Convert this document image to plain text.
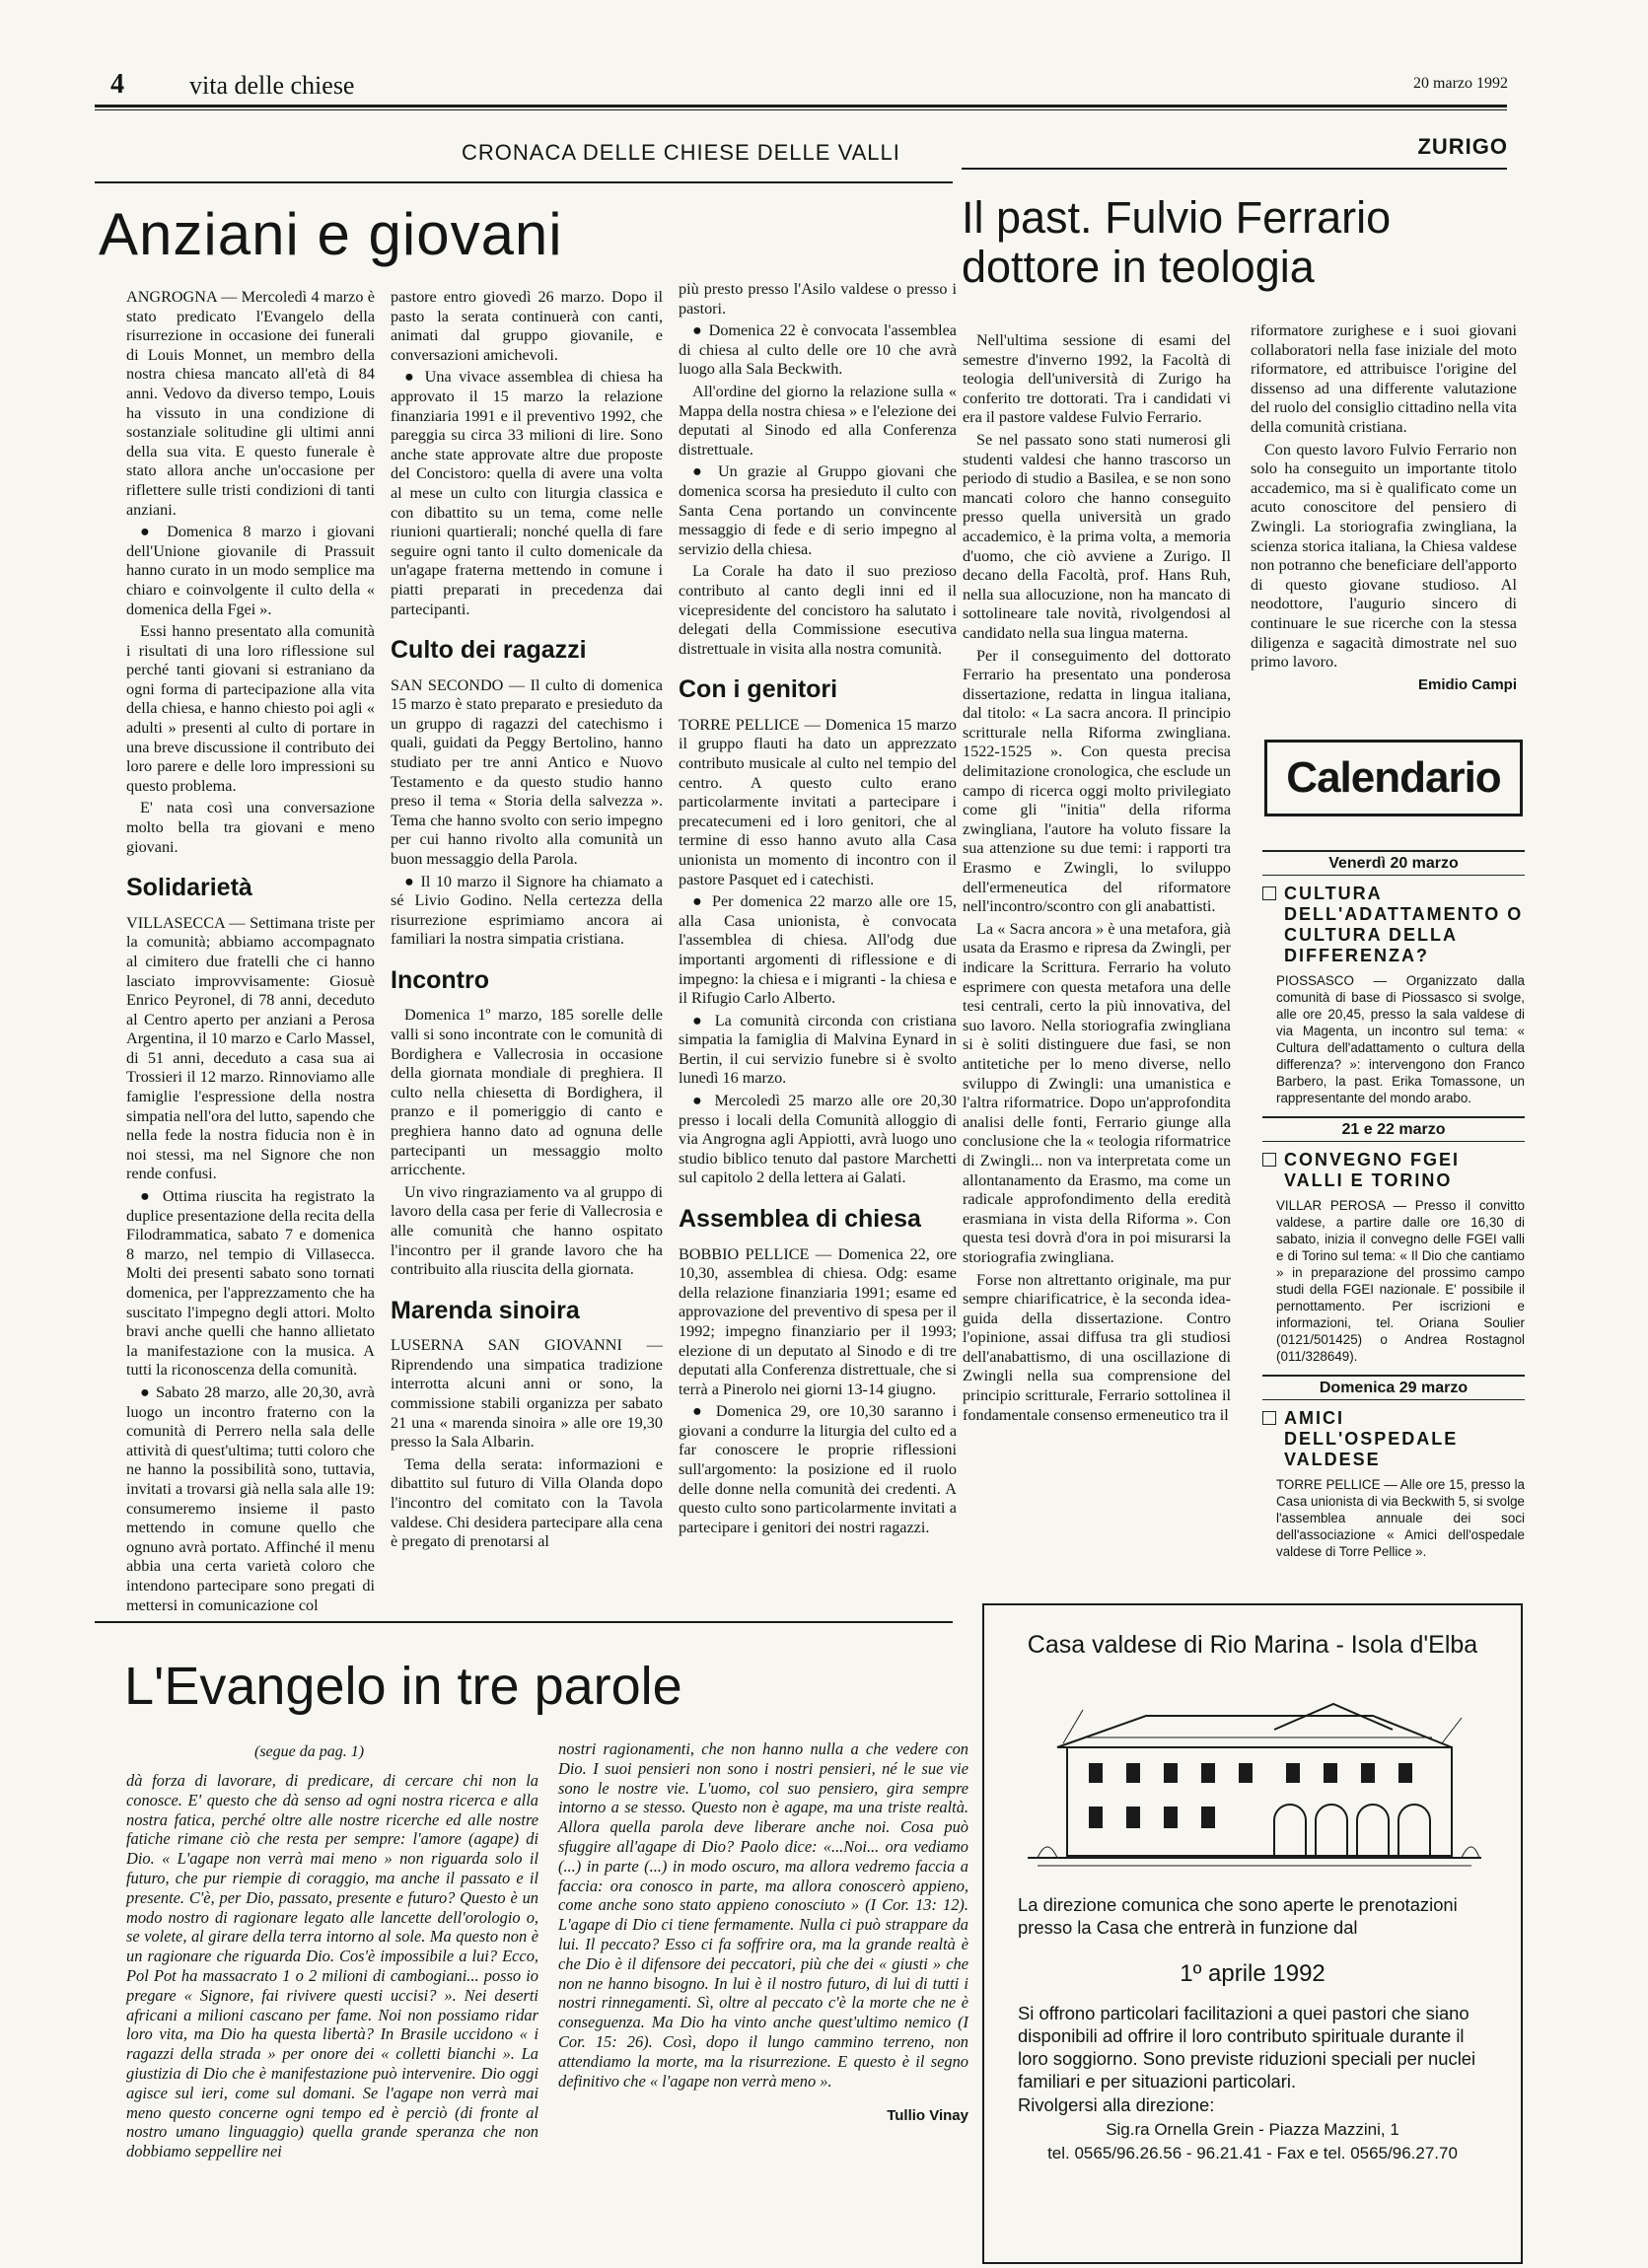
4	vita delle chiese	20 marzo 1992
CRONACA DELLE CHIESE DELLE VALLI	ZURIGO
Anziani e giovani

ANGROGNA — Mercoledì 4 marzo è stato predicato l'Evangelo della risurrezione in occasione dei funerali di Louis Monnet, un membro della nostra chiesa mancato all'età di 84 anni. Vedovo da diverso tempo, Louis ha vissuto in una condizione di sostanziale solitudine gli ultimi anni della sua vita. E questo funerale è stato allora anche un'occasione per riflettere sulle tristi condizioni di tanti anziani.

● Domenica 8 marzo i giovani dell'Unione giovanile di Prassuit hanno curato in un modo semplice ma chiaro e coinvolgente il culto della « domenica della Fgei ».

Essi hanno presentato alla comunità i risultati di una loro riflessione sul perché tanti giovani si estraniano da ogni forma di partecipazione alla vita della chiesa, e hanno chiesto poi agli « adulti » presenti al culto di portare in una breve discussione il contributo dei loro parere e delle loro impressioni su questo problema.

E' nata così una conversazione molto bella tra giovani e meno giovani.

Solidarietà

VILLASECCA — Settimana triste per la comunità; abbiamo accompagnato al cimitero due fratelli che ci hanno lasciato improvvisamente: Giosuè Enrico Peyronel, di 78 anni, deceduto al Centro aperto per anziani a Perosa Argentina, il 10 marzo e Carlo Massel, di 51 anni, deceduto a casa sua ai Trossieri il 12 marzo. Rinnoviamo alle famiglie l'espressione della nostra simpatia nell'ora del lutto, sapendo che nella fede la nostra fiducia non è in noi stessi, ma nel Signore che non rende confusi.

● Ottima riuscita ha registrato la duplice presentazione della recita della Filodrammatica, sabato 7 e domenica 8 marzo, nel tempio di Villasecca. Molti dei presenti sabato sono tornati domenica, per l'apprezzamento che ha suscitato l'impegno degli attori. Molto bravi anche quelli che hanno allietato la manifestazione con la musica. A tutti la riconoscenza della comunità.

● Sabato 28 marzo, alle 20,30, avrà luogo un incontro fraterno con la comunità di Perrero nella sala delle attività di quest'ultima; tutti coloro che ne hanno la possibilità sono, tuttavia, invitati a trovarsi già nella sala alle 19: consumeremo insieme il pasto mettendo in comune quello che ognuno avrà portato. Affinché il menu abbia una certa varietà coloro che intendono partecipare sono pregati di mettersi in comunicazione col

pastore entro giovedì 26 marzo. Dopo il pasto la serata continuerà con canti, animati dal gruppo giovanile, e conversazioni amichevoli.

● Una vivace assemblea di chiesa ha approvato il 15 marzo la relazione finanziaria 1991 e il preventivo 1992, che pareggia su circa 33 milioni di lire. Sono anche state approvate altre due proposte del Concistoro: quella di avere una volta al mese un culto con liturgia classica e con dibattito su un tema, come nelle riunioni quartierali; nonché quella di fare seguire ogni tanto il culto domenicale da un'agape fraterna mettendo in comune i piatti preparati in precedenza dai partecipanti.

Culto dei ragazzi

SAN SECONDO — Il culto di domenica 15 marzo è stato preparato e presieduto da un gruppo di ragazzi del catechismo i quali, guidati da Peggy Bertolino, hanno studiato per tre anni Antico e Nuovo Testamento e da questo studio hanno preso il tema « Storia della salvezza ». Tema che hanno svolto con serio impegno per cui hanno rivolto alla comunità un buon messaggio della Parola.

● Il 10 marzo il Signore ha chiamato a sé Livio Godino. Nella certezza della risurrezione esprimiamo ancora ai familiari la nostra simpatia cristiana.

Incontro

Domenica 1º marzo, 185 sorelle delle valli si sono incontrate con le comunità di Bordighera e Vallecrosia in occasione della giornata mondiale di preghiera. Il culto nella chiesetta di Bordighera, il pranzo e il pomeriggio di canto e preghiera hanno dato ad ognuna delle partecipanti un messaggio molto arricchente.

Un vivo ringraziamento va al gruppo di lavoro della casa per ferie di Vallecrosia e alle comunità che hanno ospitato l'incontro per il grande lavoro che ha contribuito alla riuscita della giornata.

Marenda sinoira

LUSERNA SAN GIOVANNI — Riprendendo una simpatica tradizione interrotta alcuni anni or sono, la commissione stabili organizza per sabato 21 una « marenda sinoira » alle ore 19,30 presso la Sala Albarin.

Tema della serata: informazioni e dibattito sul futuro di Villa Olanda dopo l'incontro del comitato con la Tavola valdese. Chi desidera partecipare alla cena è pregato di prenotarsi al

più presto presso l'Asilo valdese o presso i pastori.

● Domenica 22 è convocata l'assemblea di chiesa al culto delle ore 10 che avrà luogo alla Sala Beckwith.

All'ordine del giorno la relazione sulla « Mappa della nostra chiesa » e l'elezione dei deputati al Sinodo ed alla Conferenza distrettuale.

● Un grazie al Gruppo giovani che domenica scorsa ha presieduto il culto con Santa Cena portando un convincente messaggio di fede e di serio impegno al servizio della chiesa.

La Corale ha dato il suo prezioso contributo al canto degli inni ed il vicepresidente del concistoro ha salutato i delegati della Commissione esecutiva distrettuale in visita alla nostra comunità.

Con i genitori

TORRE PELLICE — Domenica 15 marzo il gruppo flauti ha dato un apprezzato contributo musicale al culto nel tempio del centro. A questo culto erano particolarmente invitati a partecipare i precatecumeni ed i loro genitori, che al termine di esso hanno avuto alla Casa unionista un momento di incontro con il pastore Pasquet ed i catechisti.

● Per domenica 22 marzo alle ore 15, alla Casa unionista, è convocata l'assemblea di chiesa. All'odg due importanti argomenti di riflessione e di impegno: la chiesa e i migranti - la chiesa e il Rifugio Carlo Alberto.

● La comunità circonda con cristiana simpatia la famiglia di Malvina Eynard in Bertin, il cui servizio funebre si è svolto lunedì 16 marzo.

● Mercoledì 25 marzo alle ore 20,30 presso i locali della Comunità alloggio di via Angrogna agli Appiotti, avrà luogo uno studio biblico tenuto dal pastore Marchetti sul capitolo 2 della lettera ai Galati.

Assemblea di chiesa

BOBBIO PELLICE — Domenica 22, ore 10,30, assemblea di chiesa. Odg: esame della relazione finanziaria 1991; esame ed approvazione del preventivo di spesa per il 1992; impegno finanziario per il 1993; elezione di un deputato al Sinodo e di tre deputati alla Conferenza distrettuale, che si terrà a Pinerolo nei giorni 13-14 giugno.

● Domenica 29, ore 10,30 saranno i giovani a condurre la liturgia del culto ed a far conoscere le proprie riflessioni sull'argomento: la posizione ed il ruolo delle donne nella comunità dei credenti. A questo culto sono particolarmente invitati a partecipare i genitori dei nostri ragazzi.

Il past. Fulvio Ferrario dottore in teologia

Nell'ultima sessione di esami del semestre d'inverno 1992, la Facoltà di teologia dell'università di Zurigo ha conferito tre dottorati. Tra i candidati vi era il pastore valdese Fulvio Ferrario.

Se nel passato sono stati numerosi gli studenti valdesi che hanno trascorso un periodo di studio a Basilea, e se non sono mancati coloro che hanno conseguito presso quella università un grado accademico, è la prima volta, a memoria d'uomo, che ciò avviene a Zurigo. Il decano della Facoltà, prof. Hans Ruh, nella sua allocuzione, non ha mancato di sottolineare tale novità, rivolgendosi al candidato nella sua lingua materna.

Per il conseguimento del dottorato Ferrario ha presentato una ponderosa dissertazione, redatta in lingua italiana, dal titolo: « La sacra ancora. Il principio scritturale nella Riforma zwingliana. 1522-1525 ». Con questa precisa delimitazione cronologica, che esclude un campo di ricerca oggi molto privilegiato come gli "initia" della riforma zwingliana, l'autore ha voluto fissare la sua attenzione su due temi: i rapporti tra Erasmo e Zwingli, lo sviluppo dell'ermeneutica del riformatore nell'incontro/scontro con gli anabattisti.

La « Sacra ancora » è una metafora, già usata da Erasmo e ripresa da Zwingli, per indicare la Scrittura. Ferrario ha voluto esprimere con questa metafora una delle tesi centrali, certo la più innovativa, del suo lavoro. Nella storiografia zwingliana si è soliti distinguere due fasi, se non antitetiche per lo meno diverse, nello sviluppo di Zwingli: una umanistica e l'altra riformatrice. Dopo un'approfondita analisi delle fonti, Ferrario giunge alla conclusione che la « teologia riformatrice di Zwingli... non va interpretata come un allontanamento da Erasmo, ma come un radicale approfondimento della eredità erasmiana in vista della Riforma ». Con questa tesi dovrà d'ora in poi misurarsi la storiografia zwingliana.

Forse non altrettanto originale, ma pur sempre chiarificatrice, è la seconda idea-guida della dissertazione. Contro l'opinione, assai diffusa tra gli studiosi dell'anabattismo, di una oscillazione di Zwingli nella sua comprensione del principio scritturale, Ferrario sottolinea il fondamentale consenso ermeneutico tra il

riformatore zurighese e i suoi giovani collaboratori nella fase iniziale del moto riformatore, ed attribuisce l'origine del dissenso ad una differente valutazione del ruolo del consiglio cittadino nella vita della comunità cristiana.

Con questo lavoro Fulvio Ferrario non solo ha conseguito un importante titolo accademico, ma si è qualificato come un acuto conoscitore del pensiero di Zwingli. La storiografia zwingliana, la scienza storica italiana, la Chiesa valdese non potranno che beneficiare dell'apporto di questo giovane studioso. Al neodottore, l'augurio sincero di continuare le sue ricerche con la stessa diligenza e sagacità dimostrate nel suo primo lavoro.

Emidio Campi
Calendario
Venerdì 20 marzo
CULTURA DELL'ADATTAMENTO O CULTURA DELLA DIFFERENZA?
PIOSSASCO — Organizzato dalla comunità di base di Piossasco si svolge, alle ore 20,45, presso la sala valdese di via Magenta, un incontro sul tema: « Cultura dell'adattamento o cultura della differenza? »: intervengono don Franco Barbero, la past. Erika Tomassone, un rappresentante del mondo arabo.
21 e 22 marzo
CONVEGNO FGEI VALLI E TORINO
VILLAR PEROSA — Presso il convitto valdese, a partire dalle ore 16,30 di sabato, inizia il convegno delle FGEI valli e di Torino sul tema: « Il Dio che cantiamo » in preparazione del prossimo campo studi della FGEI nazionale. E' possibile il pernottamento. Per iscrizioni e informazioni, tel. Oriana Soulier (0121/501425) o Andrea Rostagnol (011/328649).
Domenica 29 marzo
AMICI DELL'OSPEDALE VALDESE
TORRE PELLICE — Alle ore 15, presso la Casa unionista di via Beckwith 5, si svolge l'assemblea annuale dei soci dell'associazione « Amici dell'ospedale valdese di Torre Pellice ».
L'Evangelo in tre parole
(segue da pag. 1)

dà forza di lavorare, di predicare, di cercare chi non la conosce. E' questo che dà senso ad ogni nostra ricerca e alla nostra fatica, perché oltre alle nostre ricerche ed alle nostre fatiche rimane ciò che resta per sempre: l'amore (agape) di Dio. « L'agape non verrà mai meno » non riguarda solo il futuro, che pur riempie di coraggio, ma anche il passato e il presente. C'è, per Dio, passato, presente e futuro? Questo è un modo nostro di ragionare legato alle lancette dell'orologio o, se volete, al girare della terra intorno al sole. Ma questo non è un ragionare che riguarda Dio. Cos'è impossibile a lui? Ecco, Pol Pot ha massacrato 1 o 2 milioni di cambogiani... posso io pregare « Signore, fai rivivere questi uccisi? ». Nei deserti africani a milioni cascano per fame. Noi non possiamo ridar loro vita, ma Dio ha questa libertà? In Brasile uccidono « i ragazzi della strada » per onore dei « colletti bianchi ». La giustizia di Dio che è manifestazione può intervenire. Dio oggi agisce sul ieri, come sul domani. Se l'agape non verrà mai meno questo concerne ogni tempo ed è perciò (di fronte al nostro umano linguaggio) quella grande speranza che non dobbiamo seppellire nei

nostri ragionamenti, che non hanno nulla a che vedere con Dio. I suoi pensieri non sono i nostri pensieri, né le sue vie sono le nostre vie. L'uomo, col suo pensiero, gira sempre intorno a se stesso. Questo non è agape, ma una triste realtà. Allora quella parola deve liberare anche noi. Cosa può sfuggire all'agape di Dio? Paolo dice: «...Noi... ora vediamo (...) in parte (...) in modo oscuro, ma allora vedremo faccia a faccia: ora conosco in parte, ma allora conoscerò appieno, come anche sono stato appieno conosciuto » (I Cor. 13: 12). L'agape di Dio ci tiene fermamente. Nulla ci può strappare da lui. Il peccato? Esso ci fa soffrire ora, ma la grande realtà è che Dio è il difensore dei peccatori, più che dei « giusti » che non ne hanno bisogno. In lui è il nostro futuro, di lui di tutti i nostri rinnegamenti. Sì, oltre al peccato c'è la morte che ne è conseguenza. Ma Dio ha vinto anche quest'ultimo nemico (I Cor. 15: 26). Così, dopo il lungo cammino terreno, non attendiamo la morte, ma la risurrezione. E questo è il segno definitivo che « l'agape non verrà meno ».

Tullio Vinay
Casa valdese di Rio Marina - Isola d'Elba
La direzione comunica che sono aperte le prenotazioni presso la Casa che entrerà in funzione dal
1º aprile 1992
Si offrono particolari facilitazioni a quei pastori che siano disponibili ad offrire il loro contributo spirituale durante il loro soggiorno. Sono previste riduzioni speciali per nuclei familiari e per situazioni particolari.
Rivolgersi alla direzione:
Sig.ra Ornella Grein - Piazza Mazzini, 1
tel. 0565/96.26.56 - 96.21.41 - Fax e tel. 0565/96.27.70
